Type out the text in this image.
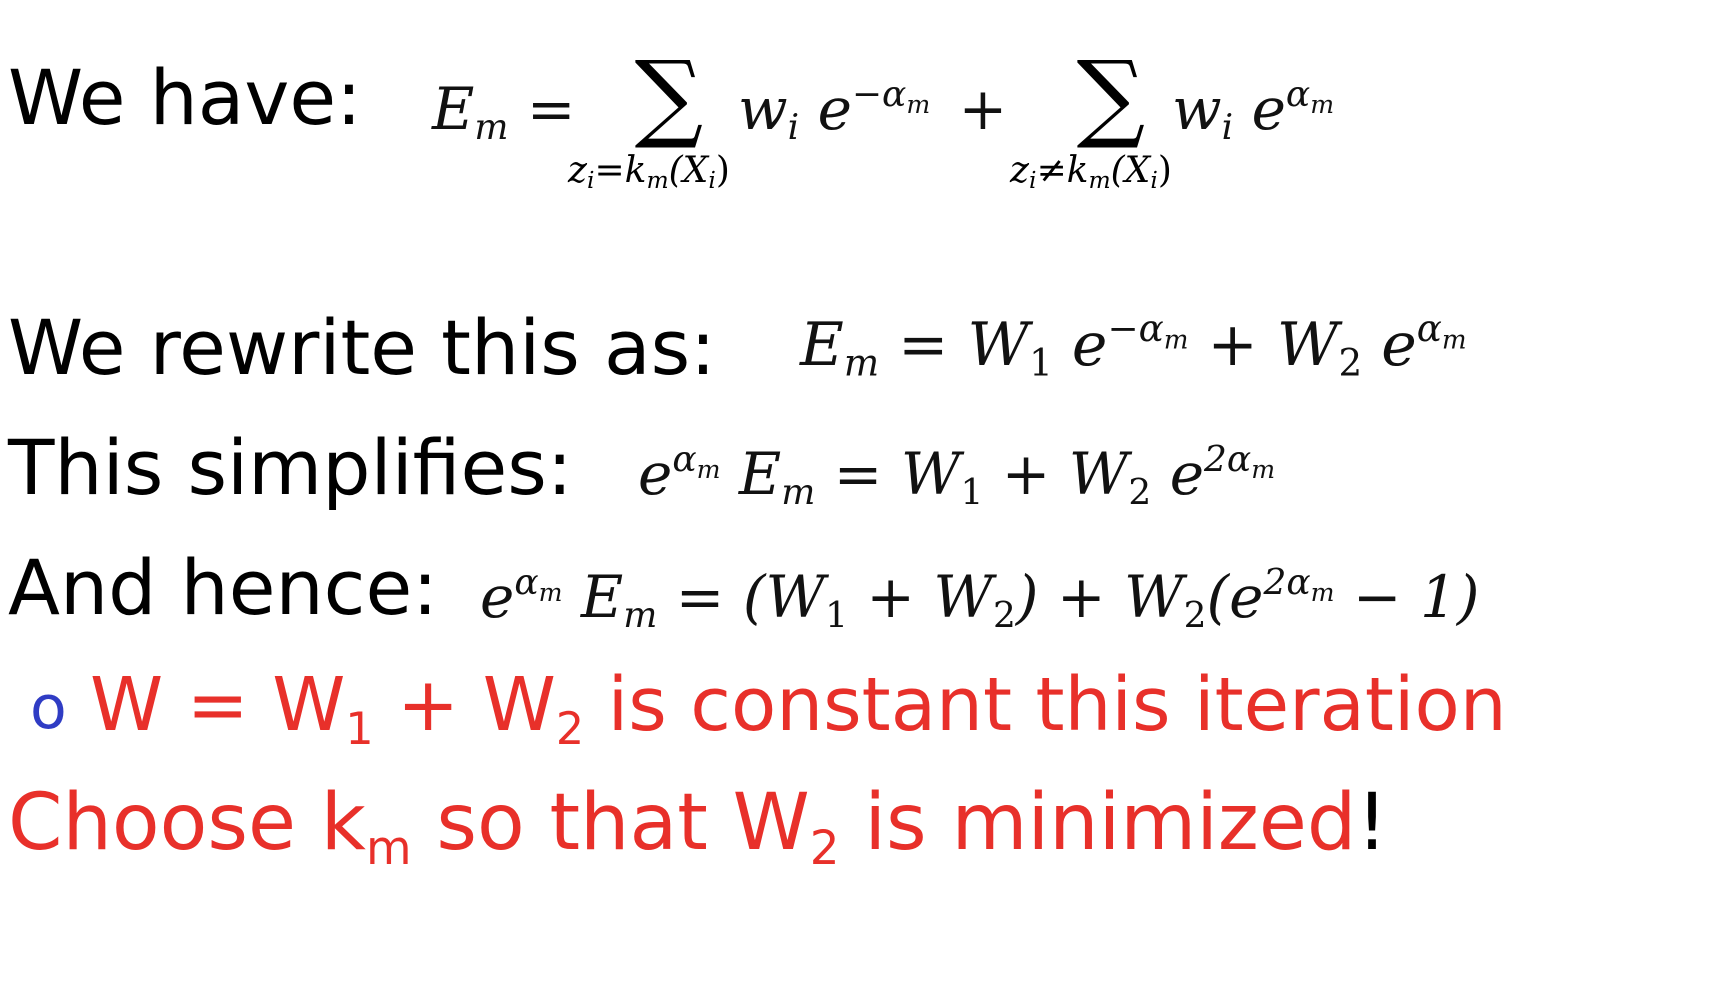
We have: $E_m$ = ∑
$z_i=k_m(X_i)$
$w_i$ $e^{-\alpha_m}$ + ∑
$z_i\ne k_m(X_i)$
$w_i$ $e^{\alpha_m}$
We rewrite this as: $E_m = W_1$ $e^{-\alpha_m} + W_2$ $e^{\alpha_m}$
This simplifies: $e^{\alpha_m}$ $E_m = W_1 + W_2$ $e^{2\alpha_m}$
And hence: $e^{\alpha_m}$ $E_m = (W_1 + W_2) + W_2(e^{2\alpha_m} - 1)$
o $W = W_1 + W_2$ is constant this iteration
Choose $k_m$ so that $W_2$ is minimized!
